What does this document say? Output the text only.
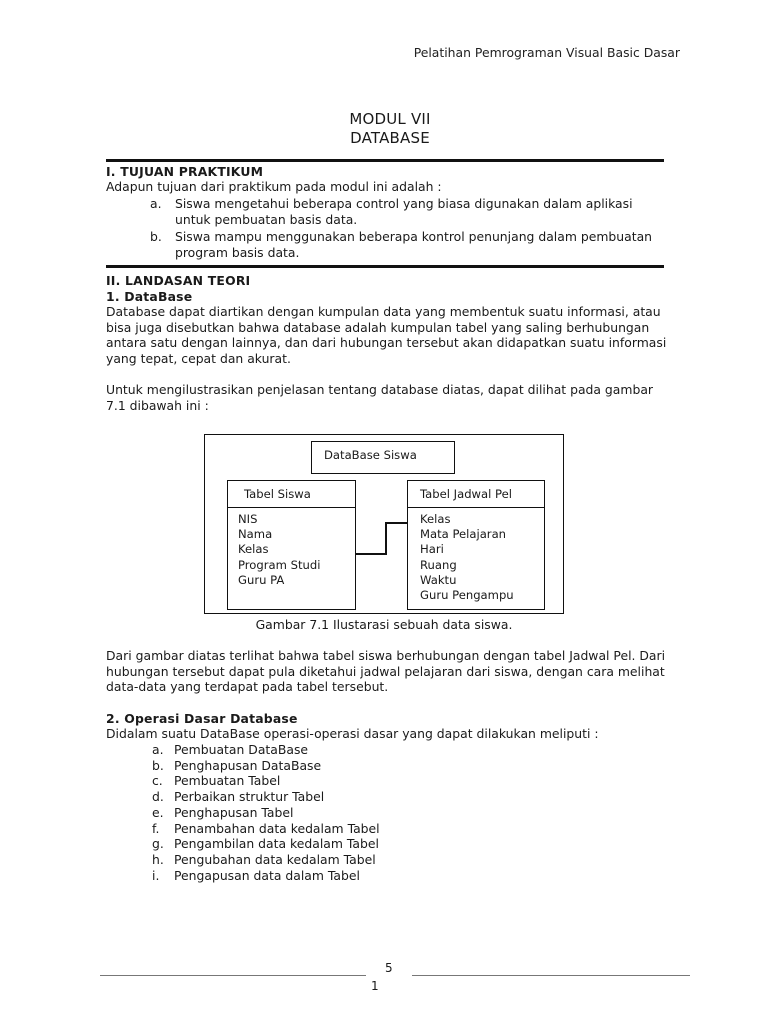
Pelatihan Pemrograman Visual Basic Dasar
MODUL VII
DATABASE
I. TUJUAN PRAKTIKUM
Adapun tujuan dari praktikum pada modul ini adalah :
a. Siswa mengetahui beberapa control yang biasa digunakan dalam aplikasi
untuk pembuatan basis data.
b. Siswa mampu menggunakan beberapa kontrol penunjang dalam pembuatan
program basis data.
II. LANDASAN TEORI
1. DataBase
Database dapat diartikan dengan kumpulan data yang membentuk suatu informasi, atau
bisa juga disebutkan bahwa database adalah kumpulan tabel yang saling berhubungan
antara satu dengan lainnya, dan dari hubungan tersebut akan didapatkan suatu informasi
yang tepat, cepat dan akurat.
Untuk mengilustrasikan penjelasan tentang database diatas, dapat dilihat pada gambar
7.1 dibawah ini :
DataBase Siswa
Tabel Siswa
NIS
Nama
Kelas
Program Studi
Guru PA
Tabel Jadwal Pel
Kelas
Mata Pelajaran
Hari
Ruang
Waktu
Guru Pengampu
Gambar 7.1 Ilustarasi sebuah data siswa.
Dari gambar diatas terlihat bahwa tabel siswa berhubungan dengan tabel Jadwal Pel. Dari
hubungan tersebut dapat pula diketahui jadwal pelajaran dari siswa, dengan cara melihat
data-data yang terdapat pada tabel tersebut.
2. Operasi Dasar Database
Didalam suatu DataBase operasi-operasi dasar yang dapat dilakukan meliputi :
a. Pembuatan DataBase
b. Penghapusan DataBase
c. Pembuatan Tabel
d. Perbaikan struktur Tabel
e. Penghapusan Tabel
f. Penambahan data kedalam Tabel
g. Pengambilan data kedalam Tabel
h. Pengubahan data kedalam Tabel
i. Pengapusan data dalam Tabel
5
1
